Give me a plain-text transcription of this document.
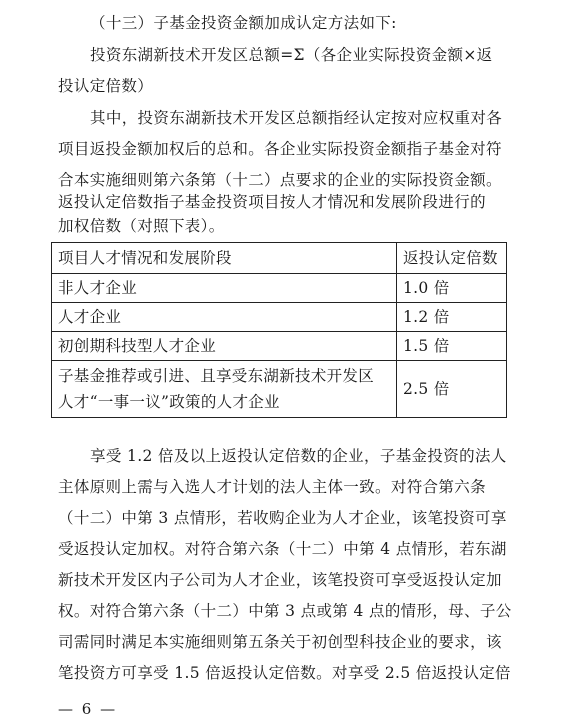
（十三）子基金投资金额加成认定方法如下:
投资东湖新技术开发区总额=Σ（各企业实际投资金额×返
投认定倍数）
其中，投资东湖新技术开发区总额指经认定按对应权重对各
项目返投金额加权后的总和。各企业实际投资金额指子基金对符
合本实施细则第六条第（十二）点要求的企业的实际投资金额。
返投认定倍数指子基金投资项目按人才情况和发展阶段进行的
加权倍数（对照下表）。
项目人才情况和发展阶段	返投认定倍数
非人才企业	1.0 倍
人才企业	1.2 倍
初创期科技型人才企业	1.5 倍

子基金推荐或引进、且享受东湖新技术开发区
人才“一事一议”政策的人才企业	2.5 倍
享受 1.2 倍及以上返投认定倍数的企业，子基金投资的法人
主体原则上需与入选人才计划的法人主体一致。对符合第六条
（十二）中第 3 点情形，若收购企业为人才企业，该笔投资可享
受返投认定加权。对符合第六条（十二）中第 4 点情形，若东湖
新技术开发区内子公司为人才企业，该笔投资可享受返投认定加
权。对符合第六条（十二）中第 3 点或第 4 点的情形，母、子公
司需同时满足本实施细则第五条关于初创型科技企业的要求，该
笔投资方可享受 1.5 倍返投认定倍数。对享受 2.5 倍返投认定倍
— 6 —
